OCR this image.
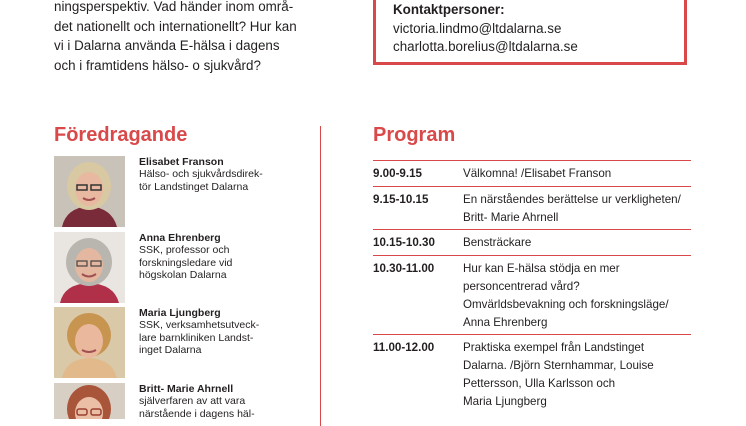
ningsperspektiv. Vad händer inom områ-
det nationellt och internationellt? Hur kan
vi i Dalarna använda E-hälsa i dagens
och i framtidens hälso- o sjukvård?
Kontaktpersoner:
victoria.lindmo@ltdalarna.se
charlotta.borelius@ltdalarna.se
Föredragande
Elisabet Franson
Hälso- och sjukvårdsdirek-
tör Landstinget Dalarna
Anna Ehrenberg
SSK, professor och
forskningsledare vid
högskolan Dalarna
Maria Ljungberg
SSK, verksamhetsutveck-
lare barnkliniken Landst-
inget Dalarna
Britt- Marie Ahrnell
själverfaren av att vara
närstående i dagens häl-
Program
9.00-9.15	Välkomna! /Elisabet Franson
9.15-10.15	En närståendes berättelse ur verkligheten/
Britt- Marie Ahrnell
10.15-10.30	Bensträckare
10.30-11.00	Hur kan E-hälsa stödja en mer
personcentrerad vård?
Omvärldsbevakning och forskningsläge/
Anna Ehrenberg
11.00-12.00	Praktiska exempel från Landstinget
Dalarna. /Björn Sternhammar, Louise
Pettersson, Ulla Karlsson och
Maria Ljungberg
